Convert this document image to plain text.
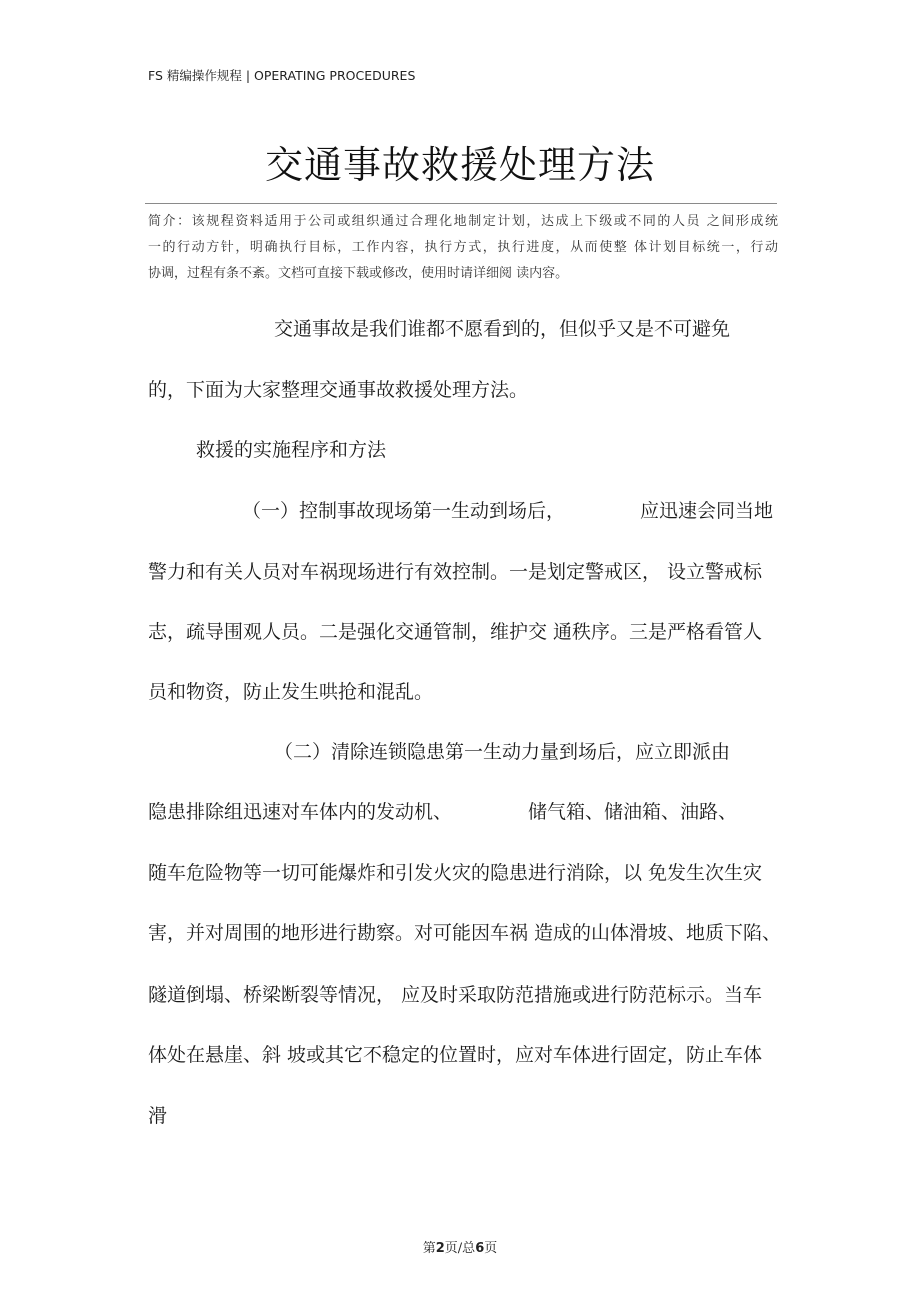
FS 精编操作规程 | OPERATING PROCEDURES
交通事故救援处理方法
简介：该规程资料适用于公司或组织通过合理化地制定计划，达成上下级或不同的人员 之间形成统
一的行动方针，明确执行目标，工作内容，执行方式，执行进度，从而使整 体计划目标统一，行动
协调，过程有条不紊。文档可直接下载或修改，使用时请详细阅 读内容。
交通事故是我们谁都不愿看到的，但似乎又是不可避免
的，下面为大家整理交通事故救援处理方法。
救援的实施程序和方法
（一）控制事故现场第一生动到场后，	应迅速会同当地
警力和有关人员对车祸现场进行有效控制。一是划定警戒区， 设立警戒标
志，疏导围观人员。二是强化交通管制，维护交 通秩序。三是严格看管人
员和物资，防止发生哄抢和混乱。
（二）清除连锁隐患第一生动力量到场后，应立即派由
隐患排除组迅速对车体内的发动机、	储气箱、储油箱、油路、
随车危险物等一切可能爆炸和引发火灾的隐患进行消除，以 免发生次生灾
害，并对周围的地形进行勘察。对可能因车祸 造成的山体滑坡、地质下陷、
隧道倒塌、桥梁断裂等情况， 应及时采取防范措施或进行防范标示。当车
体处在悬崖、斜 坡或其它不稳定的位置时，应对车体进行固定，防止车体
滑
第2页/总6页
